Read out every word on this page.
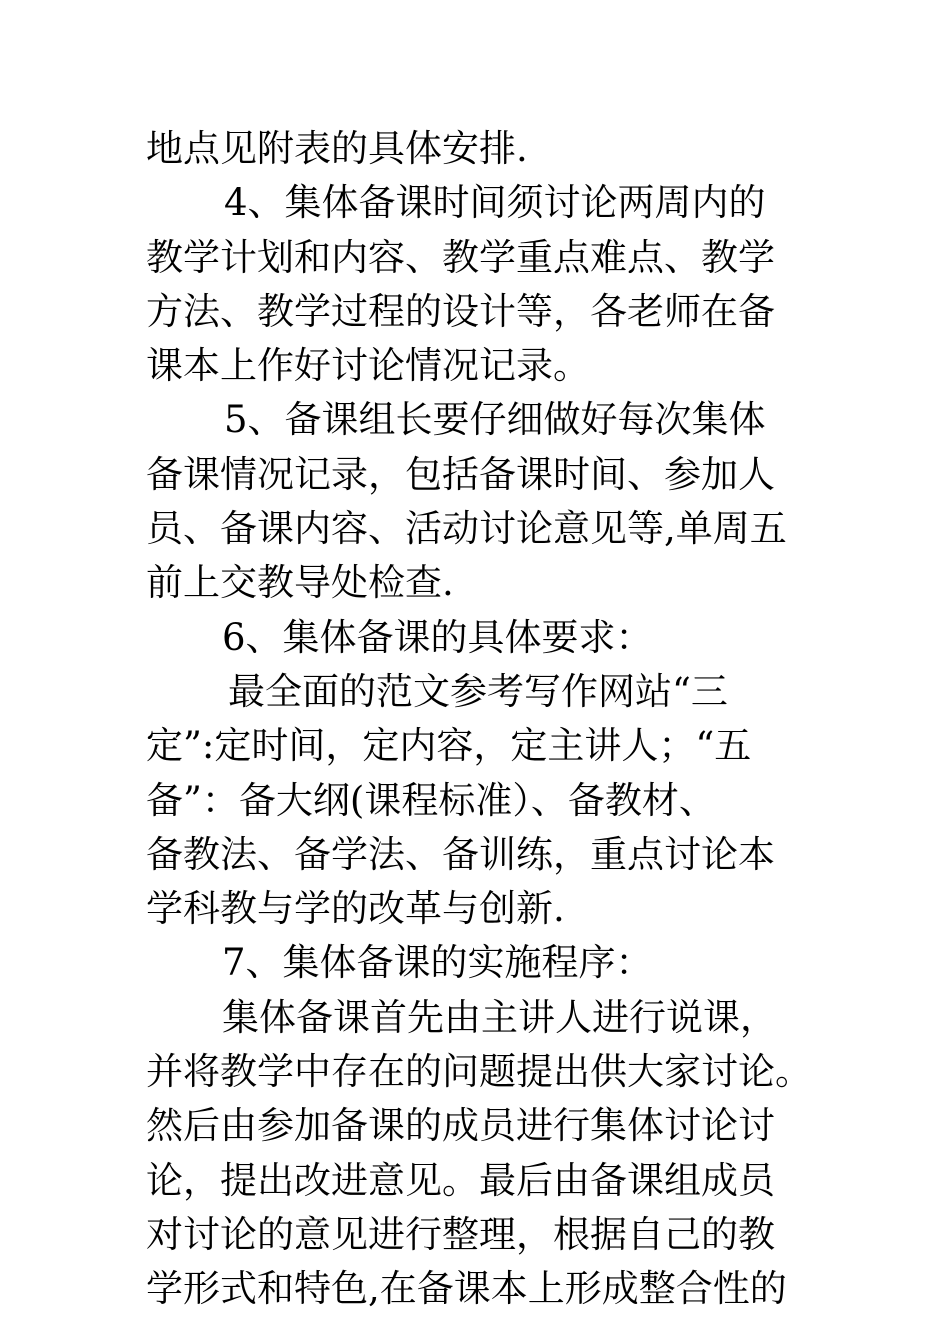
地点见附表的具体安排.
4、集体备课时间须讨论两周内的
教学计划和内容、教学重点难点、教学
方法、教学过程的设计等，各老师在备
课本上作好讨论情况记录。
5、备课组长要仔细做好每次集体
备课情况记录，包括备课时间、参加人
员、备课内容、活动讨论意见等,单周五
前上交教导处检查.
6、集体备课的具体要求：
最全面的范文参考写作网站“三
定”:定时间，定内容，定主讲人；“五
备”：备大纲(课程标准）、备教材、
备教法、备学法、备训练，重点讨论本
学科教与学的改革与创新.
7、集体备课的实施程序：
集体备课首先由主讲人进行说课，
并将教学中存在的问题提出供大家讨论。
然后由参加备课的成员进行集体讨论讨
论，提出改进意见。最后由备课组成员
对讨论的意见进行整理，根据自己的教
学形式和特色,在备课本上形成整合性的
